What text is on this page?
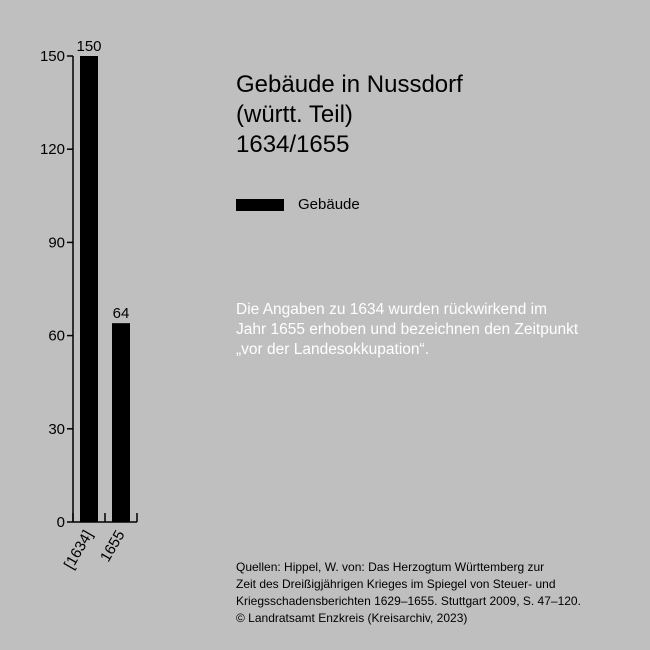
0
30
60
90
120
150
150
64
[1634] 1655
Gebäude in Nussdorf
(württ. Teil)
1634/1655
Gebäude
Die Angaben zu 1634 wurden rückwirkend im
Jahr 1655 erhoben und bezeichnen den Zeitpunkt
„vor der Landesokkupation“.
Quellen: Hippel, W. von: Das Herzogtum Württemberg zur
Zeit des Dreißigjährigen Krieges im Spiegel von Steuer- und
Kriegsschadensberichten 1629–1655. Stuttgart 2009, S. 47–120.
© Landratsamt Enzkreis (Kreisarchiv, 2023)
